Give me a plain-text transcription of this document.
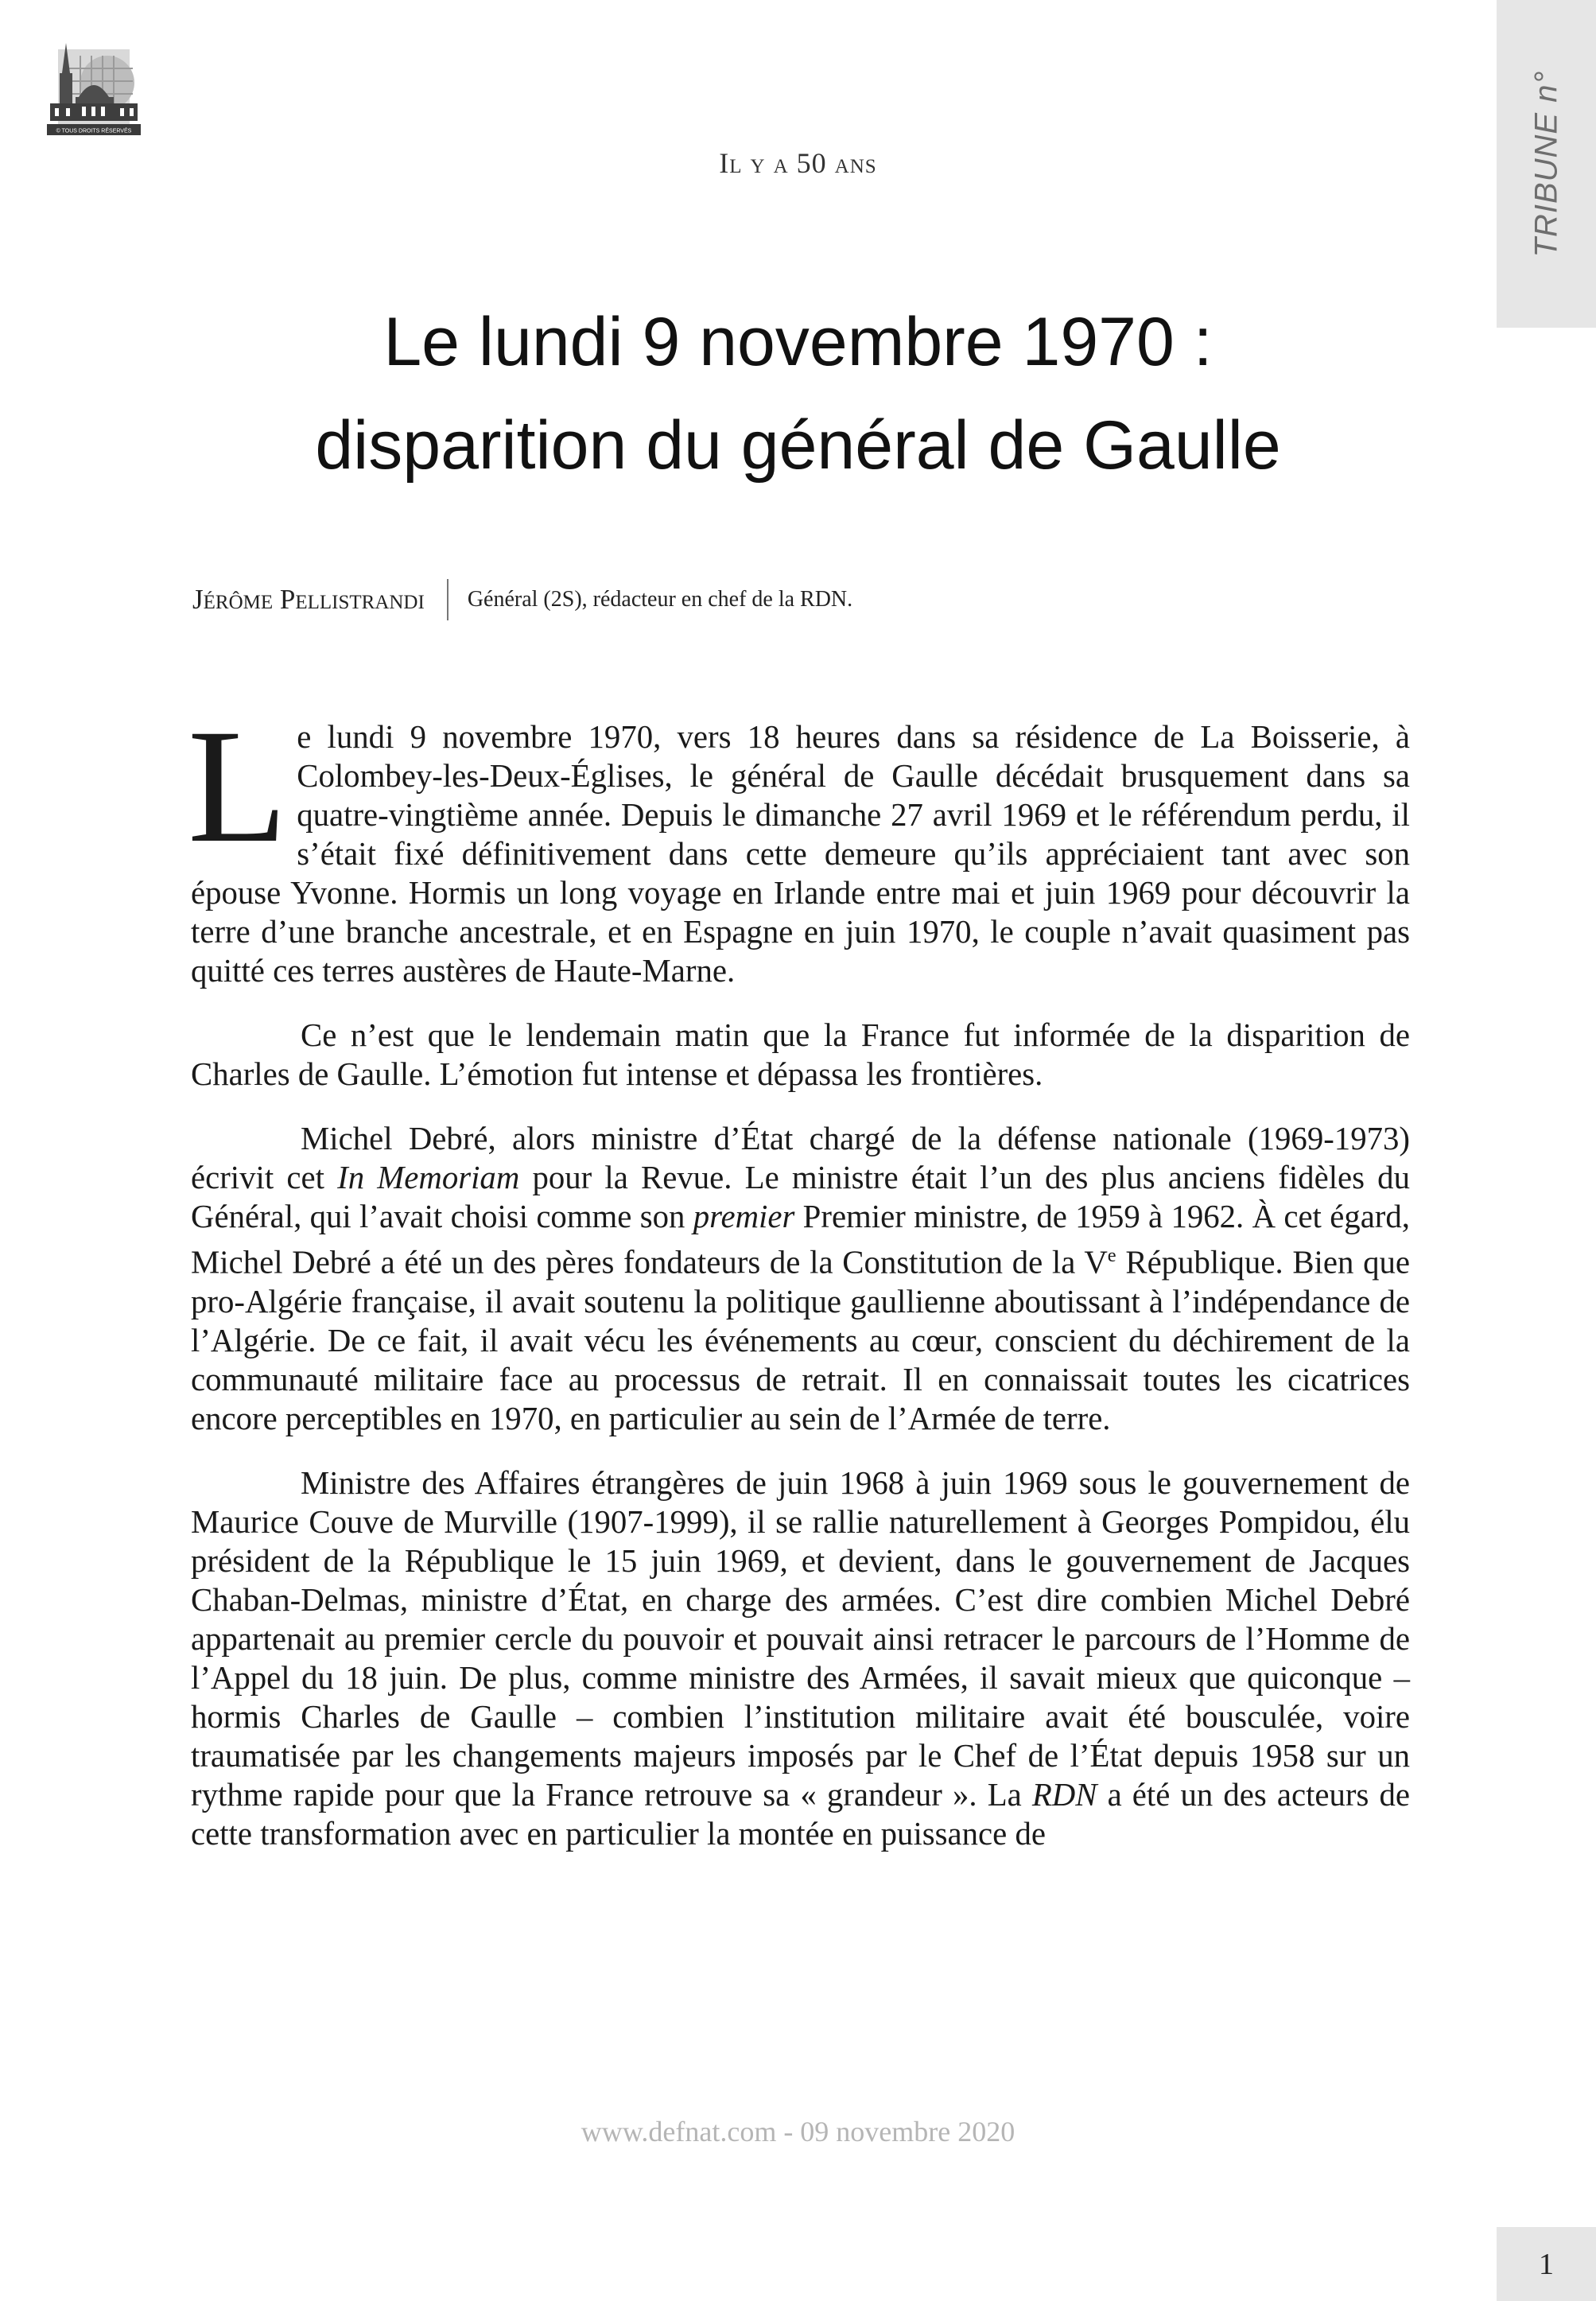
© TOUS DROITS RÉSERVÉS	TRIBUNE n°
Il y a 50 ans
Le lundi 9 novembre 1970 :
disparition du général de Gaulle
Jérôme Pellistrandi Général (2S), rédacteur en chef de la RDN.

Le lundi 9 novembre 1970, vers 18 heures dans sa résidence de La Boisserie, à Colombey-les-Deux-Églises, le général de Gaulle décédait brusquement dans sa quatre-vingtième année. Depuis le dimanche 27 avril 1969 et le référendum perdu, il s’était fixé définitivement dans cette demeure qu’ils appréciaient tant avec son épouse Yvonne. Hormis un long voyage en Irlande entre mai et juin 1969 pour découvrir la terre d’une branche ancestrale, et en Espagne en juin 1970, le couple n’avait quasiment pas quitté ces terres austères de Haute-Marne.

Ce n’est que le lendemain matin que la France fut informée de la disparition de Charles de Gaulle. L’émotion fut intense et dépassa les frontières.

Michel Debré, alors ministre d’État chargé de la défense nationale (1969-1973) écrivit cet In Memoriam pour la Revue. Le ministre était l’un des plus anciens fidèles du Général, qui l’avait choisi comme son premier Premier ministre, de 1959 à 1962. À cet égard, Michel Debré a été un des pères fondateurs de la Constitution de la Ve République. Bien que pro-Algérie française, il avait soutenu la politique gaullienne aboutissant à l’indépendance de l’Algérie. De ce fait, il avait vécu les événements au cœur, conscient du déchirement de la communauté militaire face au processus de retrait. Il en connaissait toutes les cicatrices encore perceptibles en 1970, en particulier au sein de l’Armée de terre.

Ministre des Affaires étrangères de juin 1968 à juin 1969 sous le gouvernement de Maurice Couve de Murville (1907-1999), il se rallie naturellement à Georges Pompidou, élu président de la République le 15 juin 1969, et devient, dans le gouvernement de Jacques Chaban-Delmas, ministre d’État, en charge des armées. C’est dire combien Michel Debré appartenait au premier cercle du pouvoir et pouvait ainsi retracer le parcours de l’Homme de l’Appel du 18 juin. De plus, comme ministre des Armées, il savait mieux que quiconque – hormis Charles de Gaulle – combien l’institution militaire avait été bousculée, voire traumatisée par les changements majeurs imposés par le Chef de l’État depuis 1958 sur un rythme rapide pour que la France retrouve sa « grandeur ». La RDN a été un des acteurs de cette transformation avec en particulier la montée en puissance de

www.defnat.com - 09 novembre 2020
1
